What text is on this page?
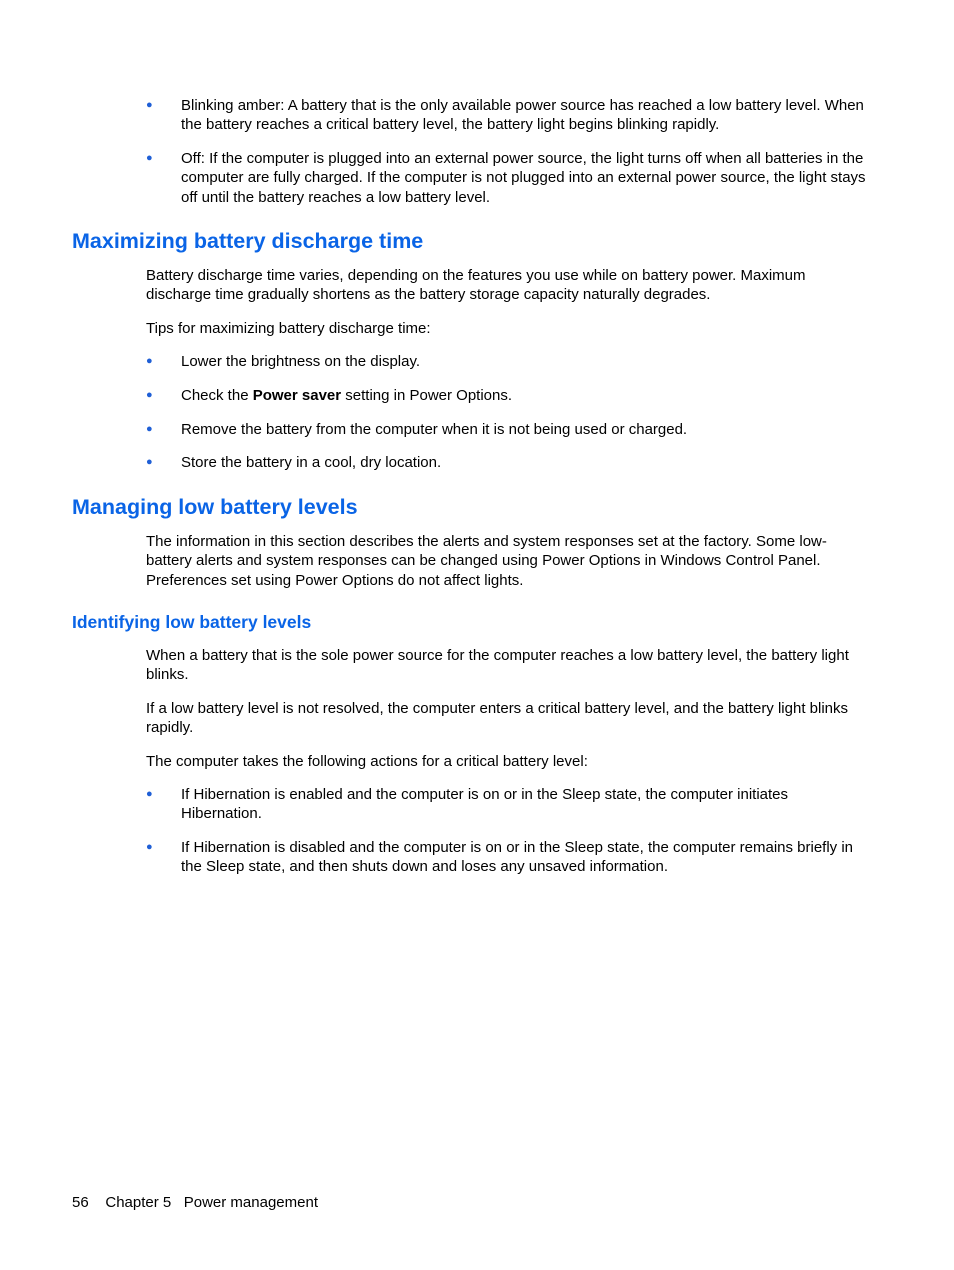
● Blinking amber: A battery that is the only available power source has reached a low battery level. When the battery reaches a critical battery level, the battery light begins blinking rapidly.

● Off: If the computer is plugged into an external power source, the light turns off when all batteries in the computer are fully charged. If the computer is not plugged into an external power source, the light stays off until the battery reaches a low battery level.

Maximizing battery discharge time

Battery discharge time varies, depending on the features you use while on battery power. Maximum discharge time gradually shortens as the battery storage capacity naturally degrades.

Tips for maximizing battery discharge time:

● Lower the brightness on the display.

● Check the Power saver setting in Power Options.

● Remove the battery from the computer when it is not being used or charged.

● Store the battery in a cool, dry location.

Managing low battery levels

The information in this section describes the alerts and system responses set at the factory. Some low-battery alerts and system responses can be changed using Power Options in Windows Control Panel. Preferences set using Power Options do not affect lights.

Identifying low battery levels

When a battery that is the sole power source for the computer reaches a low battery level, the battery light blinks.

If a low battery level is not resolved, the computer enters a critical battery level, and the battery light blinks rapidly.

The computer takes the following actions for a critical battery level:

● If Hibernation is enabled and the computer is on or in the Sleep state, the computer initiates Hibernation.

● If Hibernation is disabled and the computer is on or in the Sleep state, the computer remains briefly in the Sleep state, and then shuts down and loses any unsaved information.

56 Chapter 5 Power management
